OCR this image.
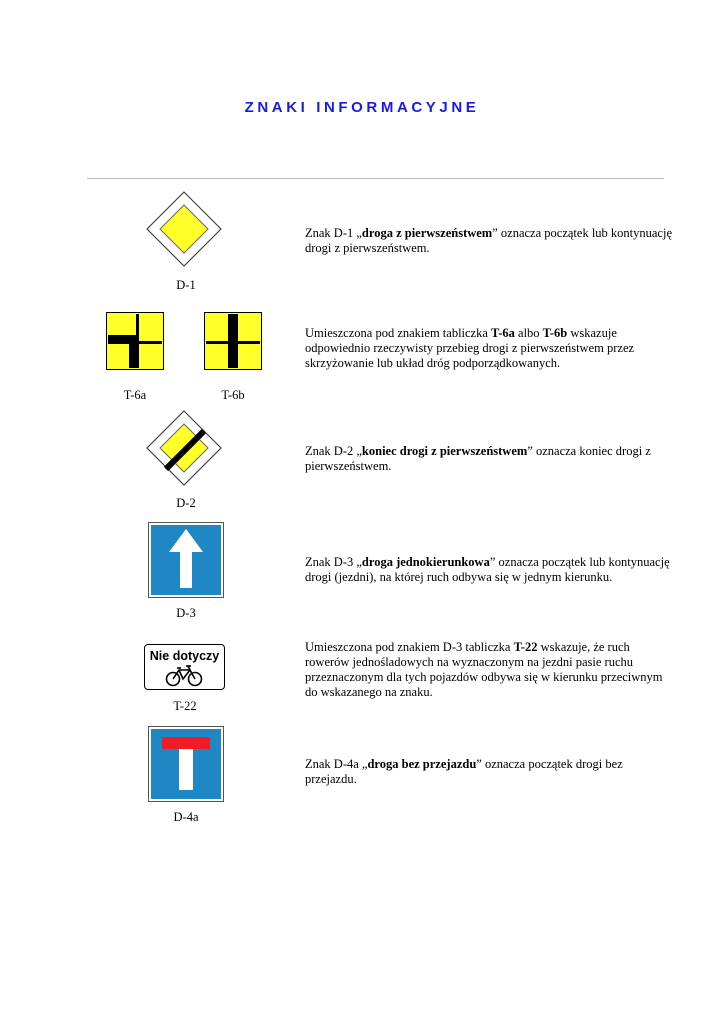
ZNAKI INFORMACYJNE
D-1
Znak D-1 „droga z pierwszeństwem” oznacza początek lub kontynuację drogi z pierwszeństwem.
T-6a	T-6b
Umieszczona pod znakiem tabliczka T-6a albo T-6b wskazuje odpowiednio rzeczywisty przebieg drogi z pierwszeństwem przez skrzyżowanie lub układ dróg podporządkowanych.
D-2
Znak D-2 „koniec drogi z pierwszeństwem” oznacza koniec drogi z pierwszeństwem.
D-3
Znak D-3 „droga jednokierunkowa” oznacza początek lub kontynuację drogi (jezdni), na której ruch odbywa się w jednym kierunku.
Nie dotyczy
T-22
Umieszczona pod znakiem D-3 tabliczka T-22 wskazuje, że ruch rowerów jednośladowych na wyznaczonym na jezdni pasie ruchu przeznaczonym dla tych pojazdów odbywa się w kierunku przeciwnym do wskazanego na znaku.
D-4a
Znak D-4a „droga bez przejazdu” oznacza początek drogi bez przejazdu.
